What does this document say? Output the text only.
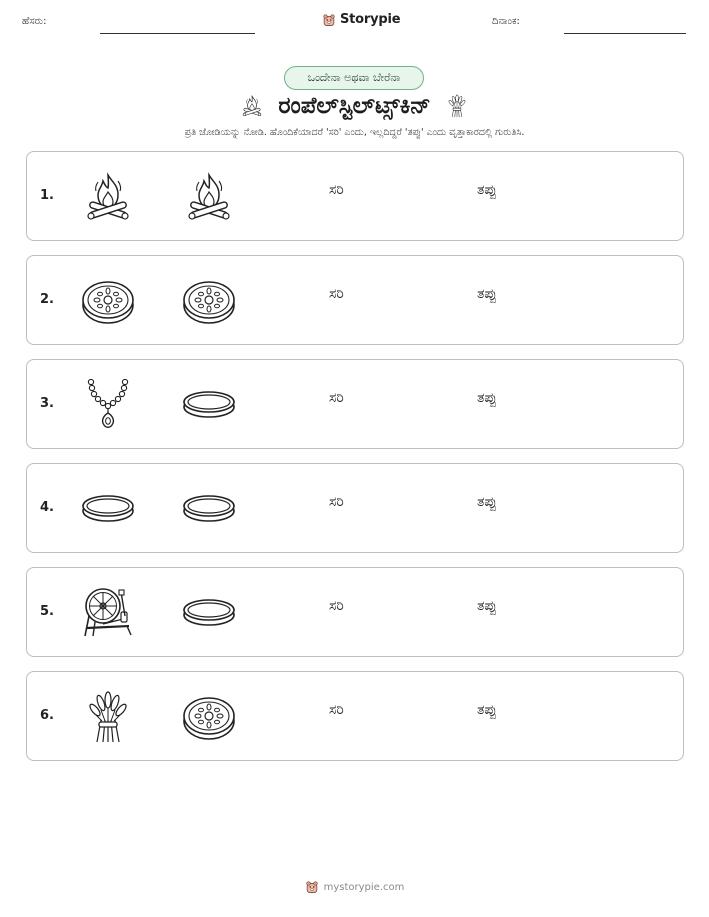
ಹೆಸರು:	Storypie	ದಿನಾಂಕ:
ಒಂದೇನಾ ಅಥವಾ ಬೇರೆನಾ
ರಂಪೆಲ್‌ಸ್ಟಿಲ್‌ಟ್ಸ್‌ಕಿನ್
ಪ್ರತಿ ಜೋಡಿಯನ್ನು ನೋಡಿ. ಹೊಂದಿಕೆಯಾದರೆ 'ಸರಿ' ಎಂದು, ಇಲ್ಲದಿದ್ದರೆ 'ತಪ್ಪು' ಎಂದು ವೃತ್ತಾಕಾರದಲ್ಲಿ ಗುರುತಿಸಿ.
1.	ಸರಿ	ತಪ್ಪು
2.	ಸರಿ	ತಪ್ಪು
3.	ಸರಿ	ತಪ್ಪು
4.	ಸರಿ	ತಪ್ಪು
5.	ಸರಿ	ತಪ್ಪು
6.	ಸರಿ	ತಪ್ಪು
mystorypie.com
